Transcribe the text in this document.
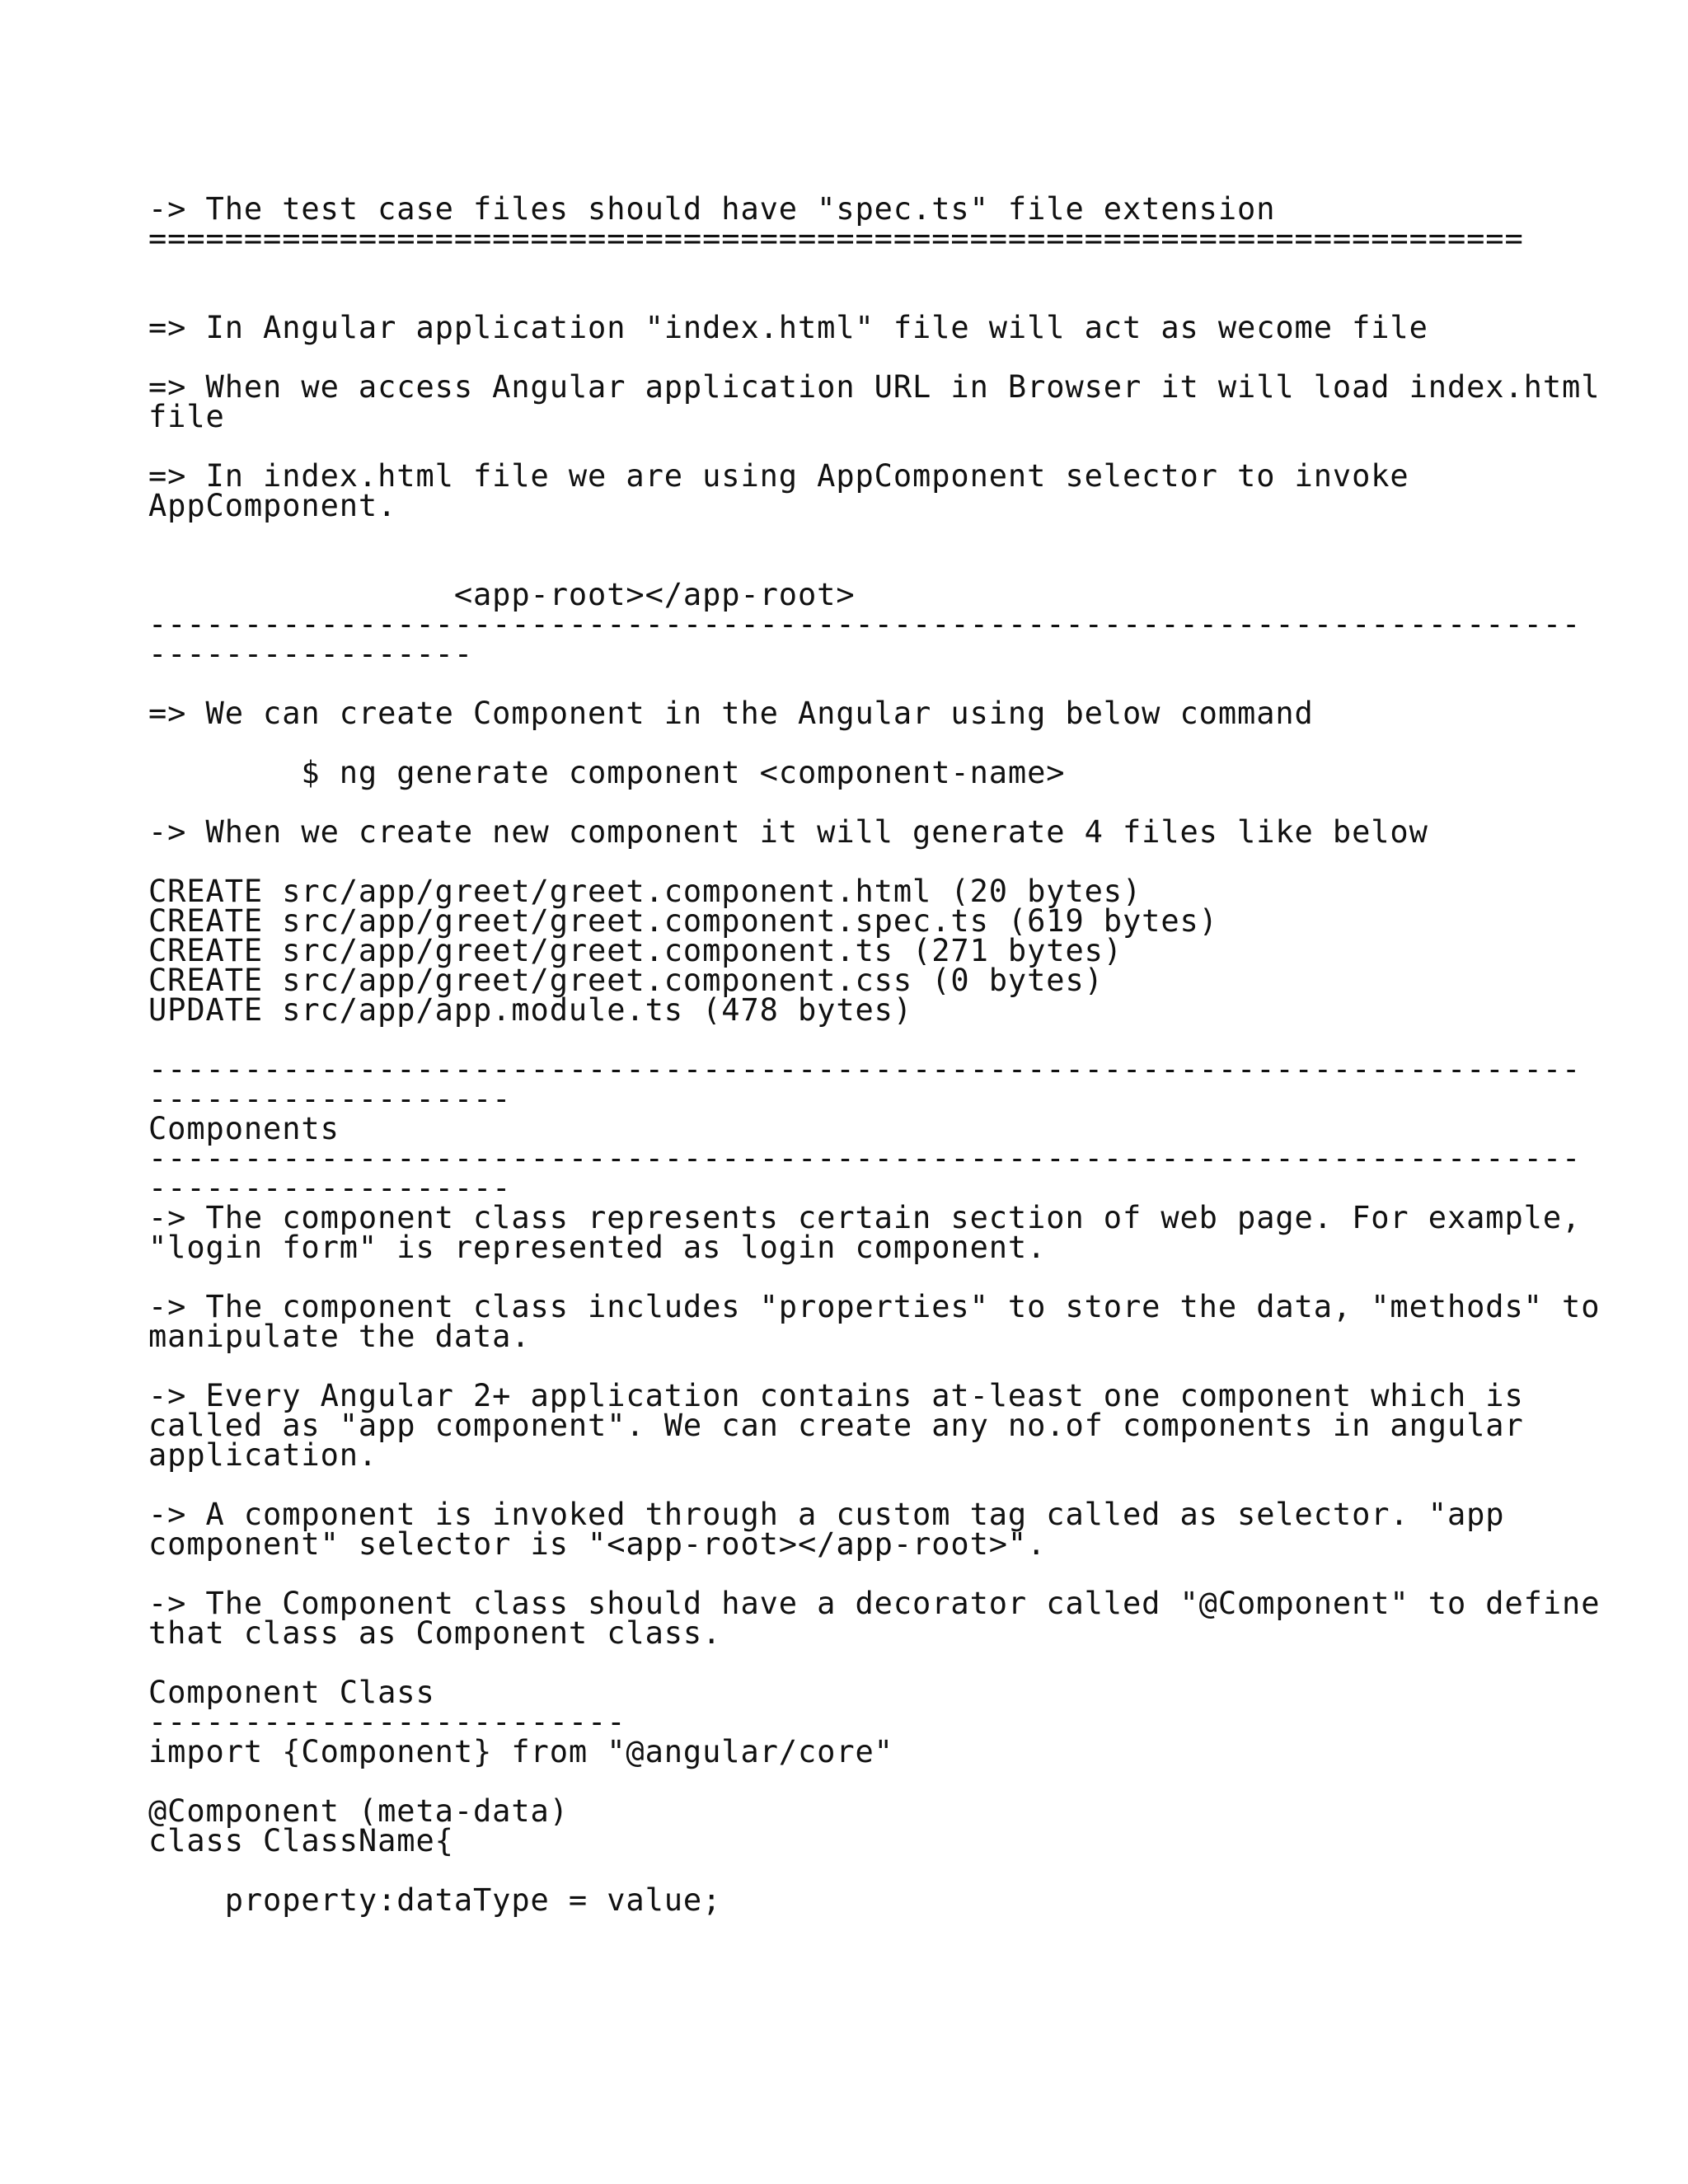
-> The test case files should have "spec.ts" file extension
========================================================================
=> In Angular application "index.html" file will act as wecome file
=> When we access Angular application URL in Browser it will load index.html
file
=> In index.html file we are using AppComponent selector to invoke
AppComponent.
<app-root></app-root>
---------------------------------------------------------------------------
-----------------
=> We can create Component in the Angular using below command
$ ng generate component <component-name>
-> When we create new component it will generate 4 files like below
CREATE src/app/greet/greet.component.html (20 bytes)
CREATE src/app/greet/greet.component.spec.ts (619 bytes)
CREATE src/app/greet/greet.component.ts (271 bytes)
CREATE src/app/greet/greet.component.css (0 bytes)
UPDATE src/app/app.module.ts (478 bytes)
---------------------------------------------------------------------------
-------------------
Components
---------------------------------------------------------------------------
-------------------
-> The component class represents certain section of web page. For example,
"login form" is represented as login component.
-> The component class includes "properties" to store the data, "methods" to
manipulate the data.
-> Every Angular 2+ application contains at-least one component which is
called as "app component". We can create any no.of components in angular
application.
-> A component is invoked through a custom tag called as selector. "app
component" selector is "<app-root></app-root>".
-> The Component class should have a decorator called "@Component" to define
that class as Component class.
Component Class
-------------------------
import {Component} from "@angular/core"
@Component (meta-data)
class ClassName{
property:dataType = value;
